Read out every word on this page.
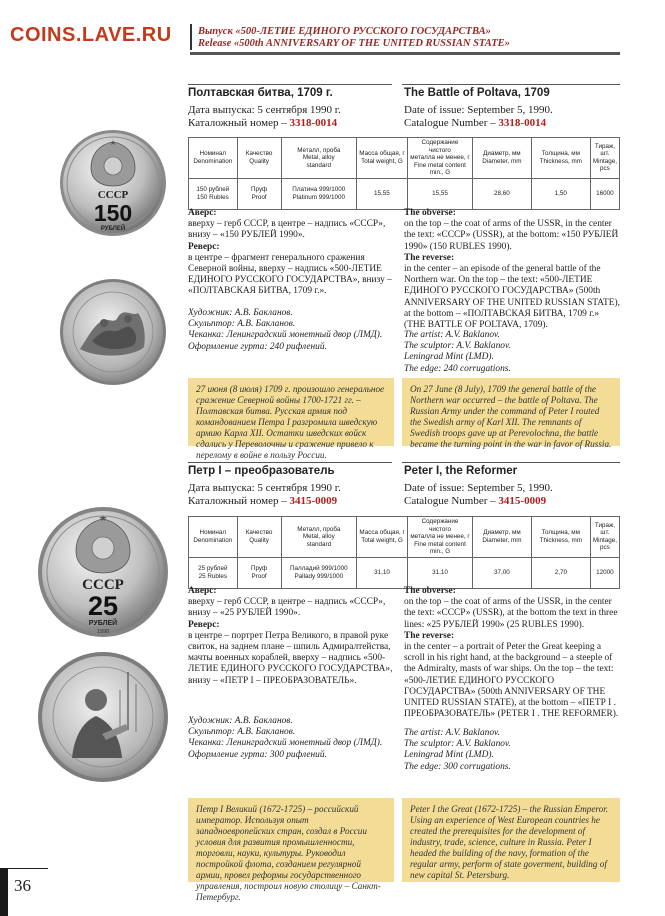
COINS.LAVE.RU	Выпуск «500-ЛЕТИЕ ЕДИНОГО РУССКОГО ГОСУДАРСТВА»
Release «500th ANNIVERSARY OF THE UNITED RUSSIAN STATE»
Полтавская битва, 1709 г.	The Battle of Poltava, 1709
Дата выпуска: 5 сентября 1990 г.
Каталожный номер – 3318-0014
Date of issue: September 5, 1990.
Catalogue Number – 3318-0014
Номинал
Denomination	Качество
Quality	Металл, проба
Metal, alloy
standard	Масса общая, г
Total weight, G	Содержание чистого
металла не менее, г
Fine metal content
min., G	Диаметр, мм
Diameter, mm	Толщина, мм
Thickness, mm	Тираж, шт.
Mintage, pcs
150 рублей
150 Rubles	Пруф
Proof	Платина 999/1000
Platinum 999/1000	15,55	15,55	28,60	1,50	16000
СССР
150
РУБЛЕЙ
Аверс:
вверху – герб СССР, в центре – надпись «СССР», внизу – «150 РУБЛЕЙ 1990».
Реверс:
в центре – фрагмент генерального сражения Северной войны, вверху – надпись «500-ЛЕТИЕ ЕДИНОГО РУССКОГО ГОСУДАРСТВА», внизу – «ПОЛТАВСКАЯ БИТВА, 1709 г.».
Художник: А.В. Бакланов.
Скульптор: А.В. Бакланов.
Чеканка: Ленинградский монетный двор (ЛМД).
Оформление гурта: 240 рифлений.
The obverse:
on the top – the coat of arms of the USSR, in the center the text: «СССР» (USSR), at the bottom: «150 РУБЛЕЙ 1990» (150 RUBLES 1990).
The reverse:
in the center – an episode of the general battle of the Northern war. On the top – the text: «500-ЛЕТИЕ ЕДИНОГО РУССКОГО ГОСУДАРСТВА» (500th ANNIVERSARY OF THE UNITED RUSSIAN STATE), at the bottom – «ПОЛТАВСКАЯ БИТВА, 1709 г.» (THE BATTLE OF POLTAVA, 1709).
The artist: A.V. Baklanov.
The sculptor: A.V. Baklanov.
Leningrad Mint (LMD).
The edge: 240 corrugations.
27 июня (8 июля) 1709 г. произошло генеральное сражение Северной войны 1700-1721 гг. – Полтавская битва. Русская армия под командованием Петра I разгромила шведскую армию Карла XII. Остатки шведских войск сдались у Переволочны и сражение привело к перелому в войне в пользу России.
On 27 June (8 July), 1709 the general battle of the Northern war occurred – the battle of Poltava. The Russian Army under the command of Peter I routed the Swedish army of Karl XII. The remnants of Swedish troops gave up at Perevolochna, the battle became the turning point in the war in favor of Russia.
Петр I – преобразователь	Peter I, the Reformer
Дата выпуска: 5 сентября 1990 г.
Каталожный номер – 3415-0009
Date of issue: September 5, 1990.
Catalogue Number – 3415-0009
Номинал
Denomination	Качество
Quality	Металл, проба
Metal, alloy
standard	Масса общая, г
Total weight, G	Содержание чистого
металла не менее, г
Fine metal content
min., G	Диаметр, мм
Diameter, mm	Толщина, мм
Thickness, mm	Тираж, шт.
Mintage, pcs
25 рублей
25 Rubles	Пруф
Proof	Палладий 999/1000
Pallady 999/1000	31,10	31,10	37,00	2,70	12000
СССР
25
РУБЛЕЙ
1990
Аверс:
вверху – герб СССР, в центре – надпись «СССР», внизу – «25 РУБЛЕЙ 1990».
Реверс:
в центре – портрет Петра Великого, в правой руке свиток, на заднем плане – шпиль Адмиралтейства, мачты военных кораблей, вверху – надпись «500-ЛЕТИЕ ЕДИНОГО РУССКОГО ГОСУДАРСТВА», внизу – «ПЕТР I – ПРЕОБРАЗОВАТЕЛЬ».
Художник: А.В. Бакланов.
Скульптор: А.В. Бакланов.
Чеканка: Ленинградский монетный двор (ЛМД).
Оформление гурта: 300 рифлений.
The obverse:
on the top – the coat of arms of the USSR, in the center the text: «СССР» (USSR), at the bottom the text in three lines: «25 РУБЛЕЙ 1990» (25 RUBLES 1990).
The reverse:
in the center – a portrait of Peter the Great keeping a scroll in his right hand, at the background – a steeple of the Admiralty, masts of war ships. On the top – the text: «500-ЛЕТИЕ ЕДИНОГО РУССКОГО ГОСУДАРСТВА» (500th ANNIVERSARY OF THE UNITED RUSSIAN STATE), at the bottom – «ПЕТР I . ПРЕОБРАЗОВАТЕЛЬ» (PETER I . THE REFORMER).
The artist: A.V. Baklanov.
The sculptor: A.V. Baklanov.
Leningrad Mint (LMD).
The edge: 300 corrugations.
Петр I Великий (1672-1725) – российский император. Используя опыт западноевропейских стран, создал в России условия для развития промышленности, торговли, науки, культуры. Руководил постройкой флота, созданием регулярной армии, провел реформы государственного управления, построил новую столицу – Санкт-Петербург.
Peter I the Great (1672-1725) – the Russian Emperor. Using an experience of West European countries he created the prerequisites for the development of industry, trade, science, culture in Russia. Peter I headed the building of the navy, formation of the regular army, perform of state goverment, building of new capital St. Petersburg.
36
